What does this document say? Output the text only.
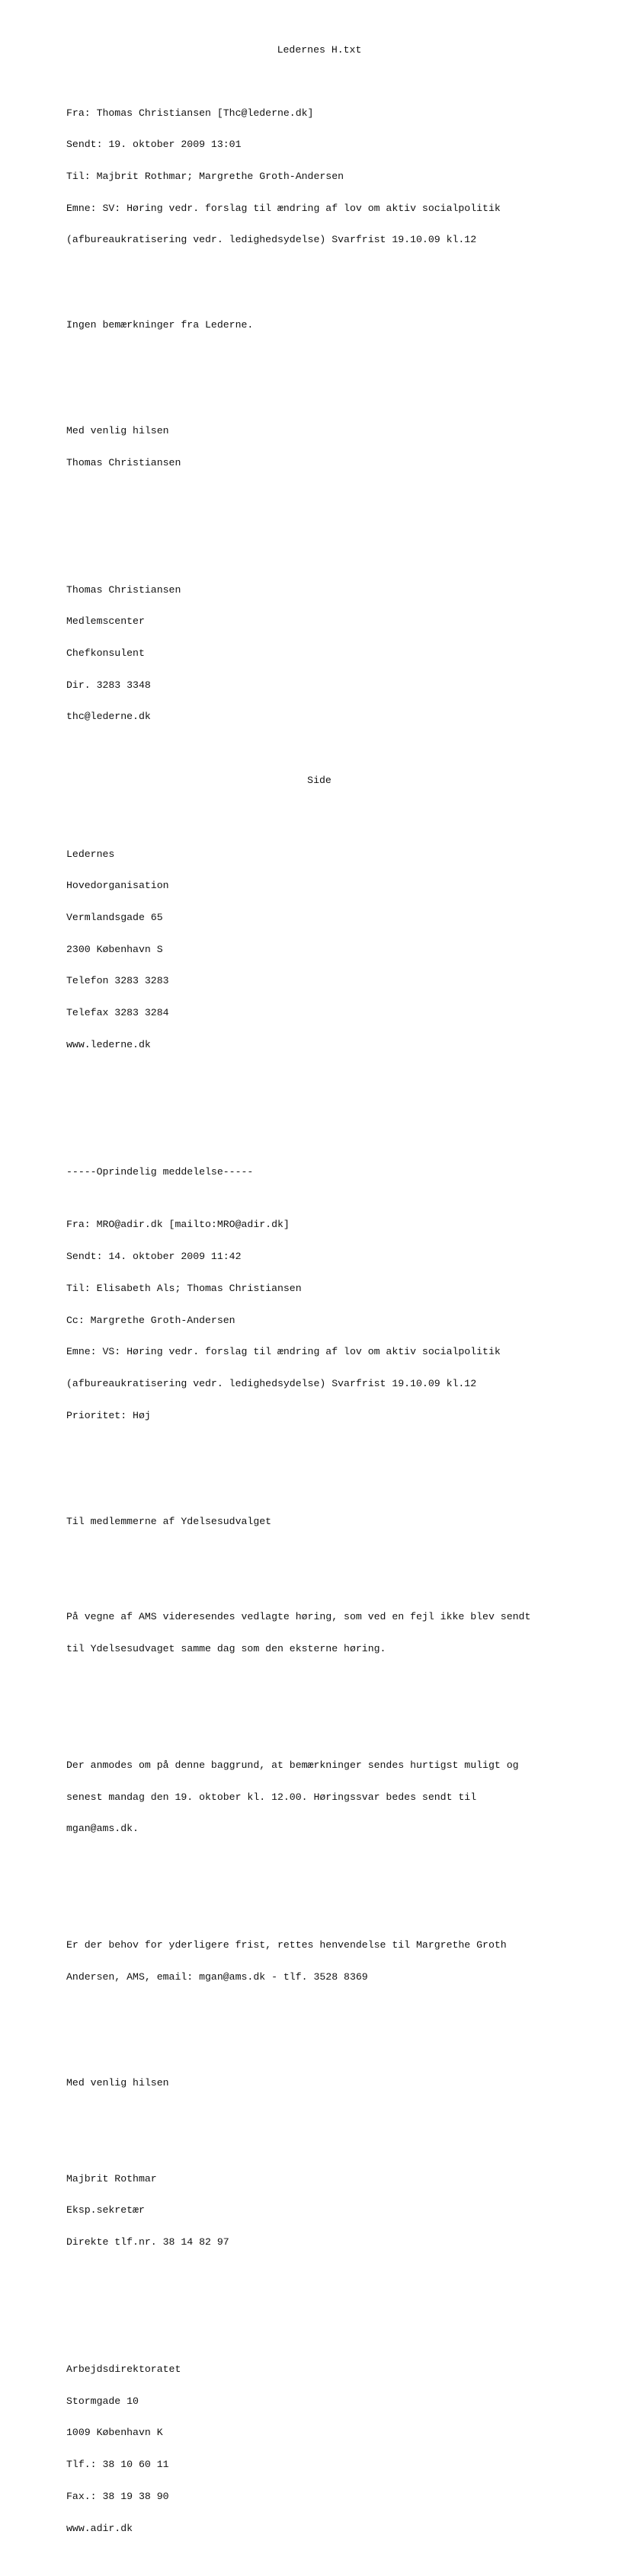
Ledernes H.txt

Fra: Thomas Christiansen [Thc@lederne.dk]

Sendt: 19. oktober 2009 13:01

Til: Majbrit Rothmar; Margrethe Groth-Andersen

Emne: SV: Høring vedr. forslag til ændring af lov om aktiv socialpolitik

(afbureaukratisering vedr. ledighedsydelse) Svarfrist 19.10.09 kl.12

Ingen bemærkninger fra Lederne.

Med venlig hilsen

Thomas Christiansen

Thomas Christiansen

Medlemscenter

Chefkonsulent

Dir. 3283 3348

thc@lederne.dk

Ledernes

Hovedorganisation

Vermlandsgade 65

2300 København S

Telefon 3283 3283

Telefax 3283 3284

www.lederne.dk

-----Oprindelig meddelelse-----

Fra: MRO@adir.dk [mailto:MRO@adir.dk]

Sendt: 14. oktober 2009 11:42

Til: Elisabeth Als; Thomas Christiansen

Cc: Margrethe Groth-Andersen

Emne: VS: Høring vedr. forslag til ændring af lov om aktiv socialpolitik

(afbureaukratisering vedr. ledighedsydelse) Svarfrist 19.10.09 kl.12

Prioritet: Høj

Til medlemmerne af Ydelsesudvalget

På vegne af AMS videresendes vedlagte høring, som ved en fejl ikke blev sendt

til Ydelsesudvaget samme dag som den eksterne høring.

Der anmodes om på denne baggrund, at bemærkninger sendes hurtigst muligt og

senest mandag den 19. oktober kl. 12.00. Høringssvar bedes sendt til

mgan@ams.dk.

Er der behov for yderligere frist, rettes henvendelse til Margrethe Groth

Andersen, AMS, email: mgan@ams.dk - tlf. 3528 8369

Med venlig hilsen

Majbrit Rothmar

Eksp.sekretær

Direkte tlf.nr. 38 14 82 97

Arbejdsdirektoratet

Stormgade 10

1009 København K

Tlf.: 38 10 60 11

Fax.: 38 19 38 90

www.adir.dk

Side
